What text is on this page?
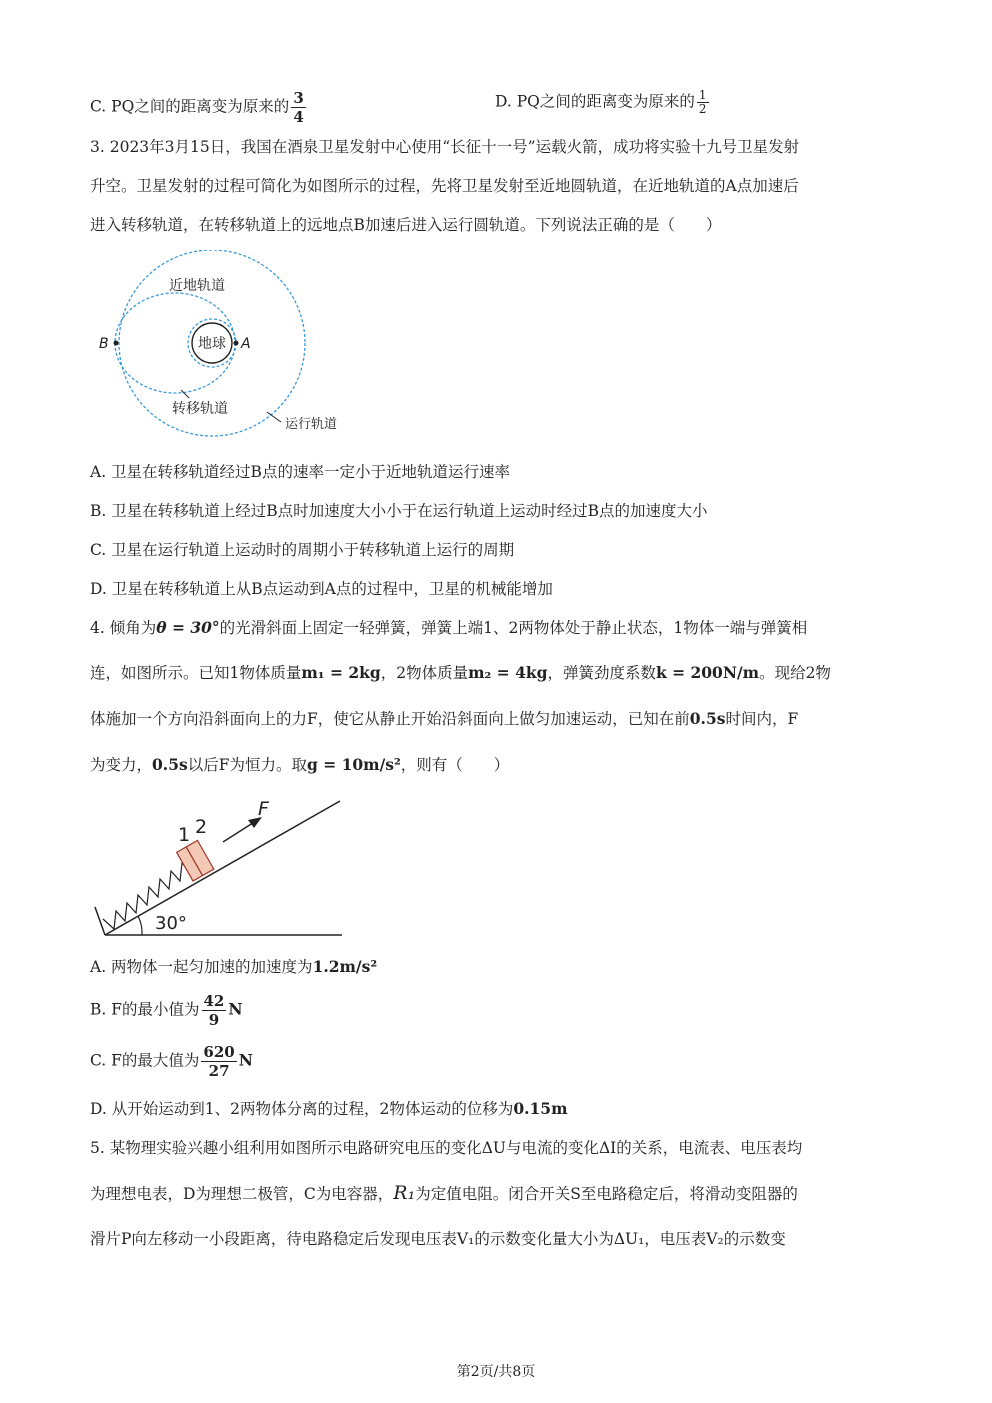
C. PQ之间的距离变为原来的 $\frac{3}{4}$	D. PQ之间的距离变为原来的 $\frac{1}{2}$
3. 2023年3月15日，我国在酒泉卫星发射中心使用“长征十一号”运载火箭，成功将实验十九号卫星发射
升空。卫星发射的过程可简化为如图所示的过程，先将卫星发射至近地圆轨道，在近地轨道的A点加速后
进入转移轨道，在转移轨道上的远地点B加速后进入运行圆轨道。下列说法正确的是（　　）
地球 A
B
近地轨道
转移轨道
运行轨道
A. 卫星在转移轨道经过B点的速率一定小于近地轨道运行速率
B. 卫星在转移轨道上经过B点时加速度大小小于在运行轨道上运动时经过B点的加速度大小
C. 卫星在运行轨道上运动时的周期小于转移轨道上运行的周期
D. 卫星在转移轨道上从B点运动到A点的过程中，卫星的机械能增加
4. 倾角为θ = 30°的光滑斜面上固定一轻弹簧，弹簧上端1、2两物体处于静止状态，1物体一端与弹簧相
连，如图所示。已知1物体质量m₁ = 2kg，2物体质量m₂ = 4kg，弹簧劲度系数k = 200N/m。现给2物
体施加一个方向沿斜面向上的力F，使它从静止开始沿斜面向上做匀加速运动，已知在前0.5s时间内，F
为变力，0.5s以后F为恒力。取g = 10m/s²，则有（　　）
30°
1 2
F
A. 两物体一起匀加速的加速度为1.2m/s²
B. F的最小值为 $\frac{42}{9}$ N
C. F的最大值为 $\frac{620}{27}$ N
D. 从开始运动到1、2两物体分离的过程，2物体运动的位移为0.15m
5. 某物理实验兴趣小组利用如图所示电路研究电压的变化ΔU与电流的变化ΔI的关系，电流表、电压表均
为理想电表，D为理想二极管，C为电容器，R₁为定值电阻。闭合开关S至电路稳定后，将滑动变阻器的
滑片P向左移动一小段距离，待电路稳定后发现电压表V₁的示数变化量大小为ΔU₁，电压表V₂的示数变
第2页/共8页
